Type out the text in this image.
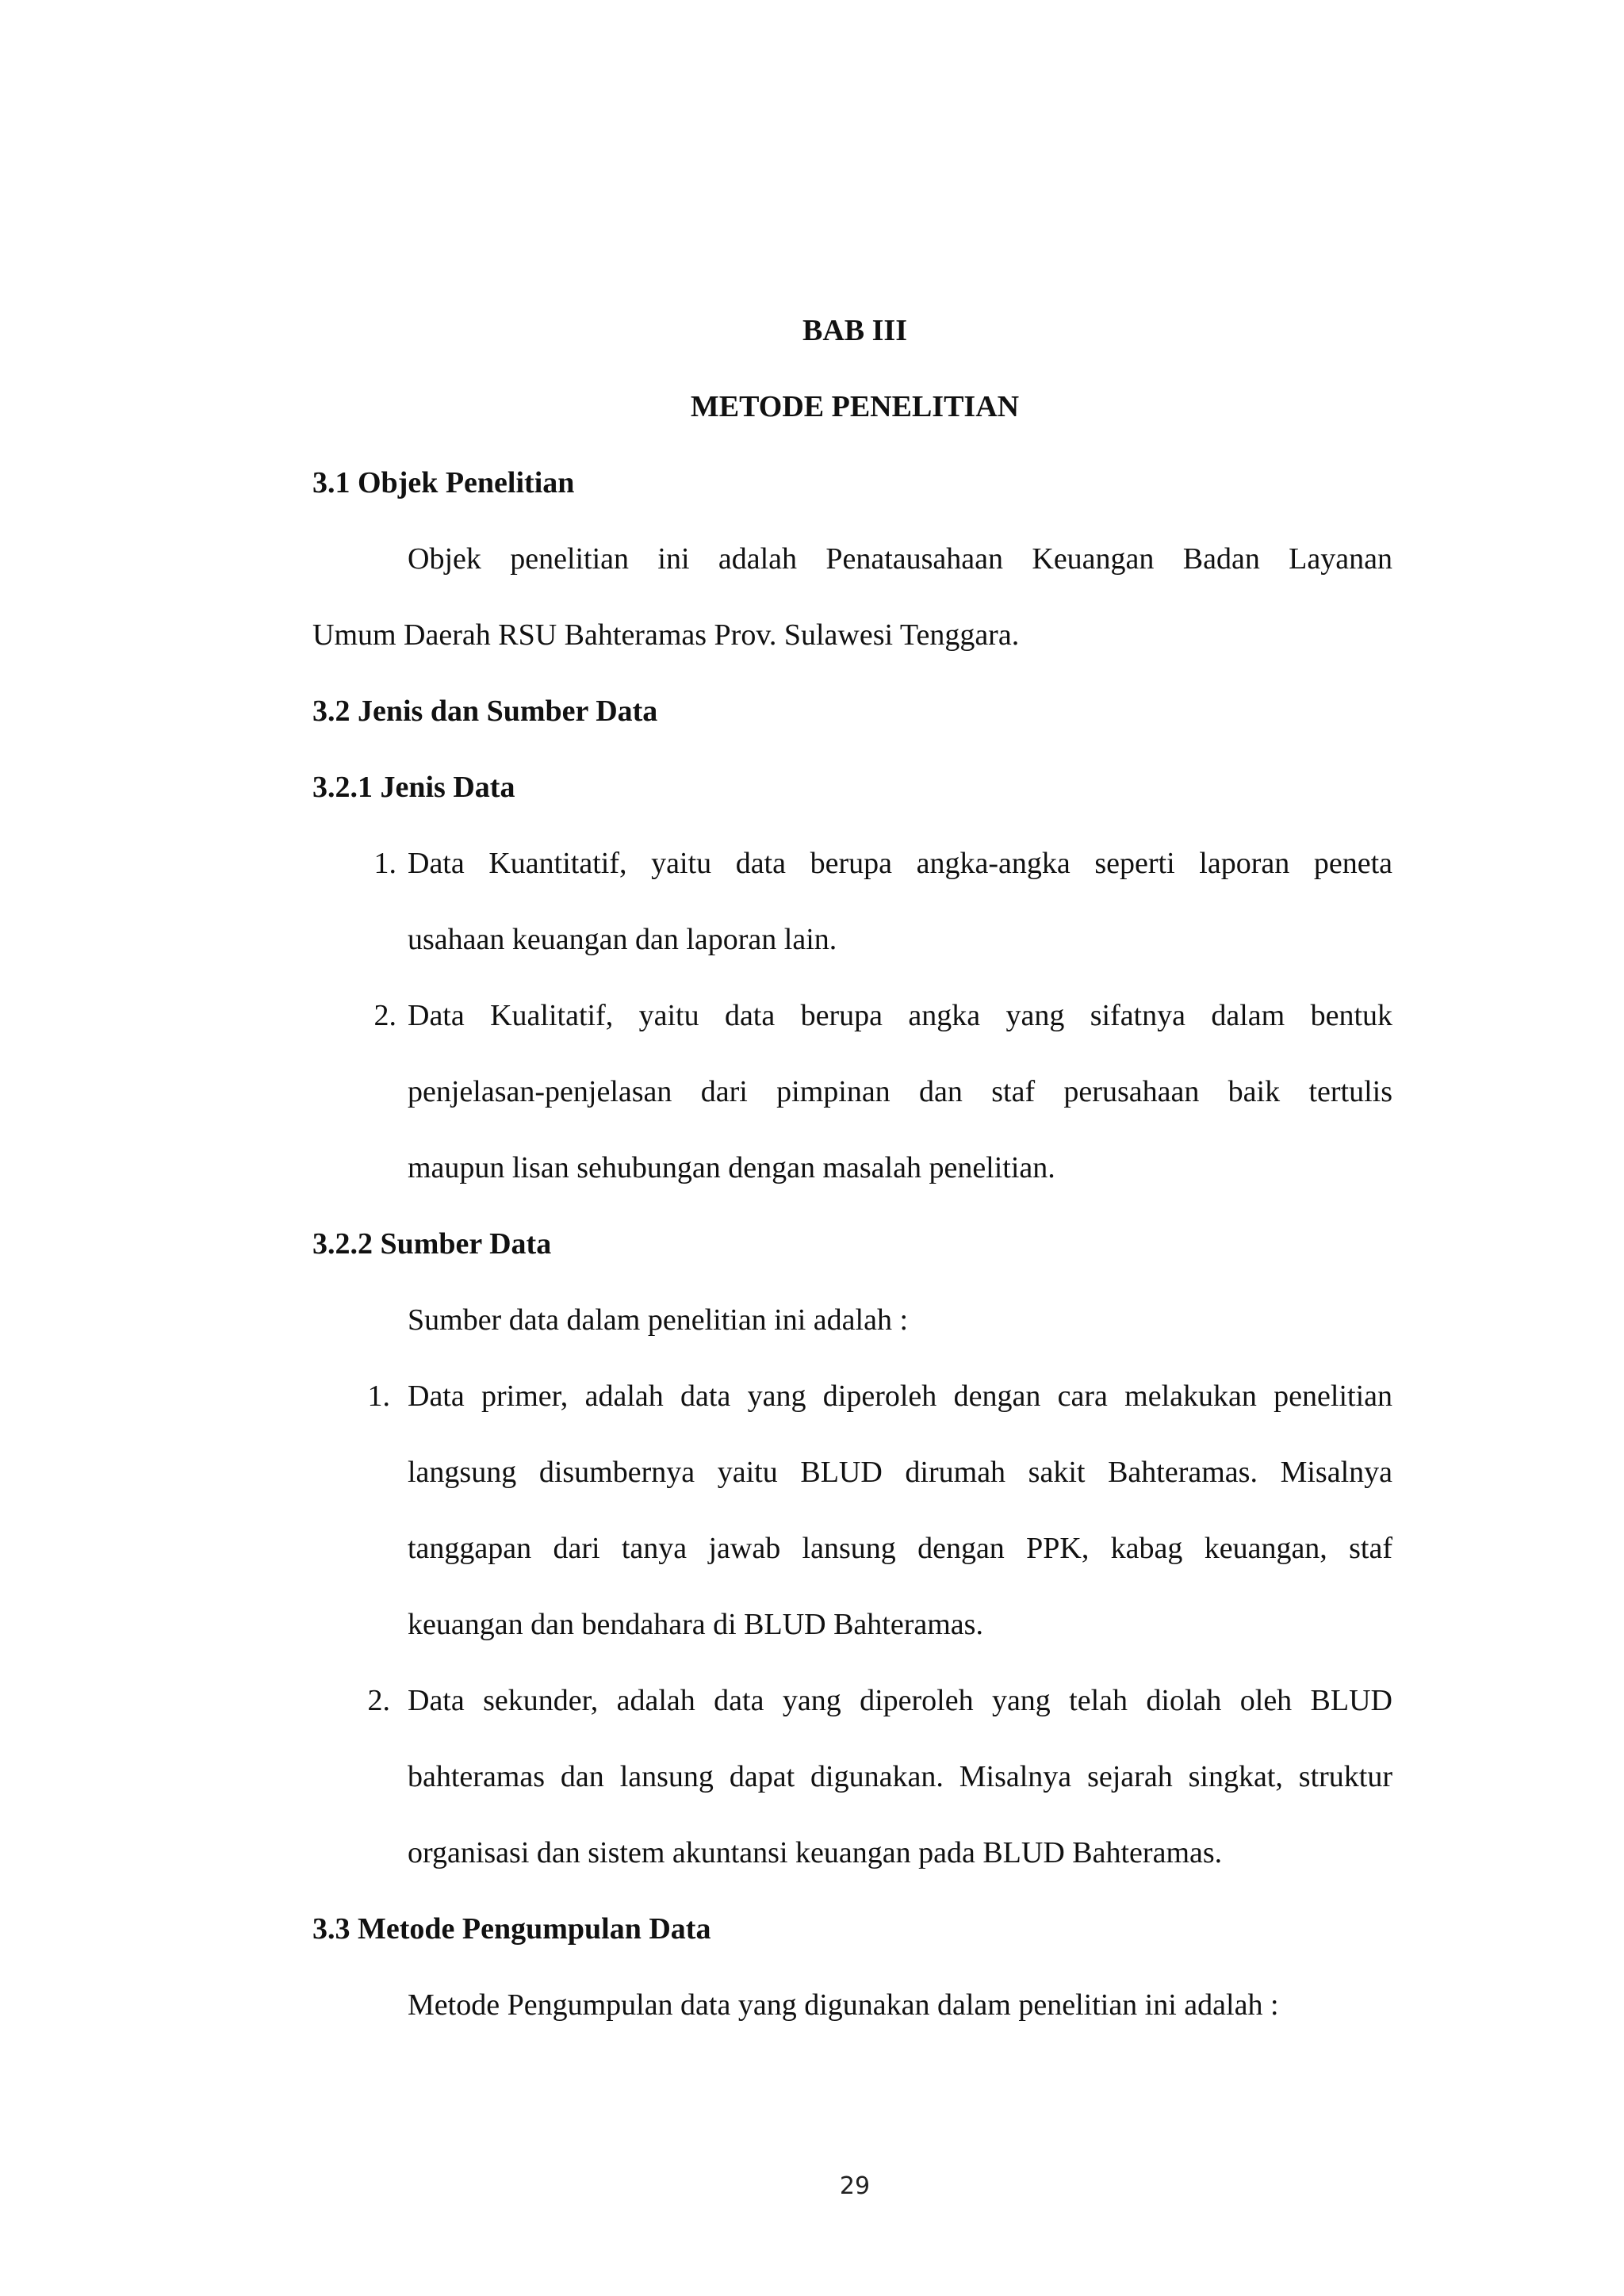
BAB III
METODE PENELITIAN
3.1 Objek Penelitian
Objek penelitian ini adalah Penatausahaan Keuangan Badan Layanan
Umum Daerah RSU Bahteramas Prov. Sulawesi Tenggara.
3.2 Jenis dan Sumber Data
3.2.1 Jenis Data
1. Data Kuantitatif, yaitu data berupa angka-angka seperti laporan peneta
usahaan keuangan dan laporan lain.
2. Data Kualitatif, yaitu data berupa angka yang sifatnya dalam bentuk
penjelasan-penjelasan dari pimpinan dan staf perusahaan baik tertulis
maupun lisan sehubungan dengan masalah penelitian.
3.2.2 Sumber Data
Sumber data dalam penelitian ini adalah :
1. Data primer, adalah data yang diperoleh dengan cara melakukan penelitian
langsung disumbernya yaitu BLUD dirumah sakit Bahteramas. Misalnya
tanggapan dari tanya jawab lansung dengan PPK, kabag keuangan, staf
keuangan dan bendahara di BLUD Bahteramas.
2. Data sekunder, adalah data yang diperoleh yang telah diolah oleh BLUD
bahteramas dan lansung dapat digunakan. Misalnya sejarah singkat, struktur
organisasi dan sistem akuntansi keuangan pada BLUD Bahteramas.
3.3 Metode Pengumpulan Data
Metode Pengumpulan data yang digunakan dalam penelitian ini adalah :
29
